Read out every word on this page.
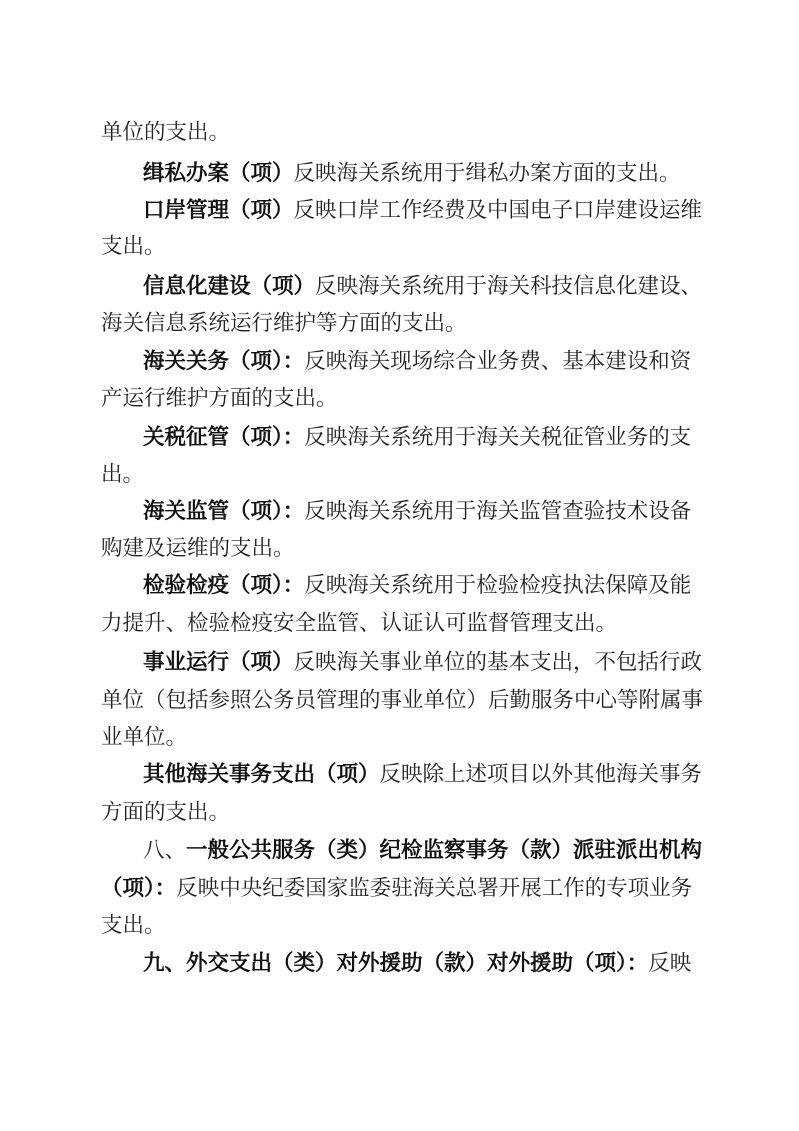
单位的支出。
缉私办案（项）反映海关系统用于缉私办案方面的支出。
口岸管理（项）反映口岸工作经费及中国电子口岸建设运维
支出。
信息化建设（项）反映海关系统用于海关科技信息化建设、
海关信息系统运行维护等方面的支出。
海关关务（项）：反映海关现场综合业务费、基本建设和资
产运行维护方面的支出。
关税征管（项）：反映海关系统用于海关关税征管业务的支
出。
海关监管（项）：反映海关系统用于海关监管查验技术设备
购建及运维的支出。
检验检疫（项）：反映海关系统用于检验检疫执法保障及能
力提升、检验检疫安全监管、认证认可监督管理支出。
事业运行（项）反映海关事业单位的基本支出，不包括行政
单位（包括参照公务员管理的事业单位）后勤服务中心等附属事
业单位。
其他海关事务支出（项）反映除上述项目以外其他海关事务
方面的支出。
八、一般公共服务（类）纪检监察事务（款）派驻派出机构
（项）：反映中央纪委国家监委驻海关总署开展工作的专项业务
支出。
九、外交支出（类）对外援助（款）对外援助（项）：反映
